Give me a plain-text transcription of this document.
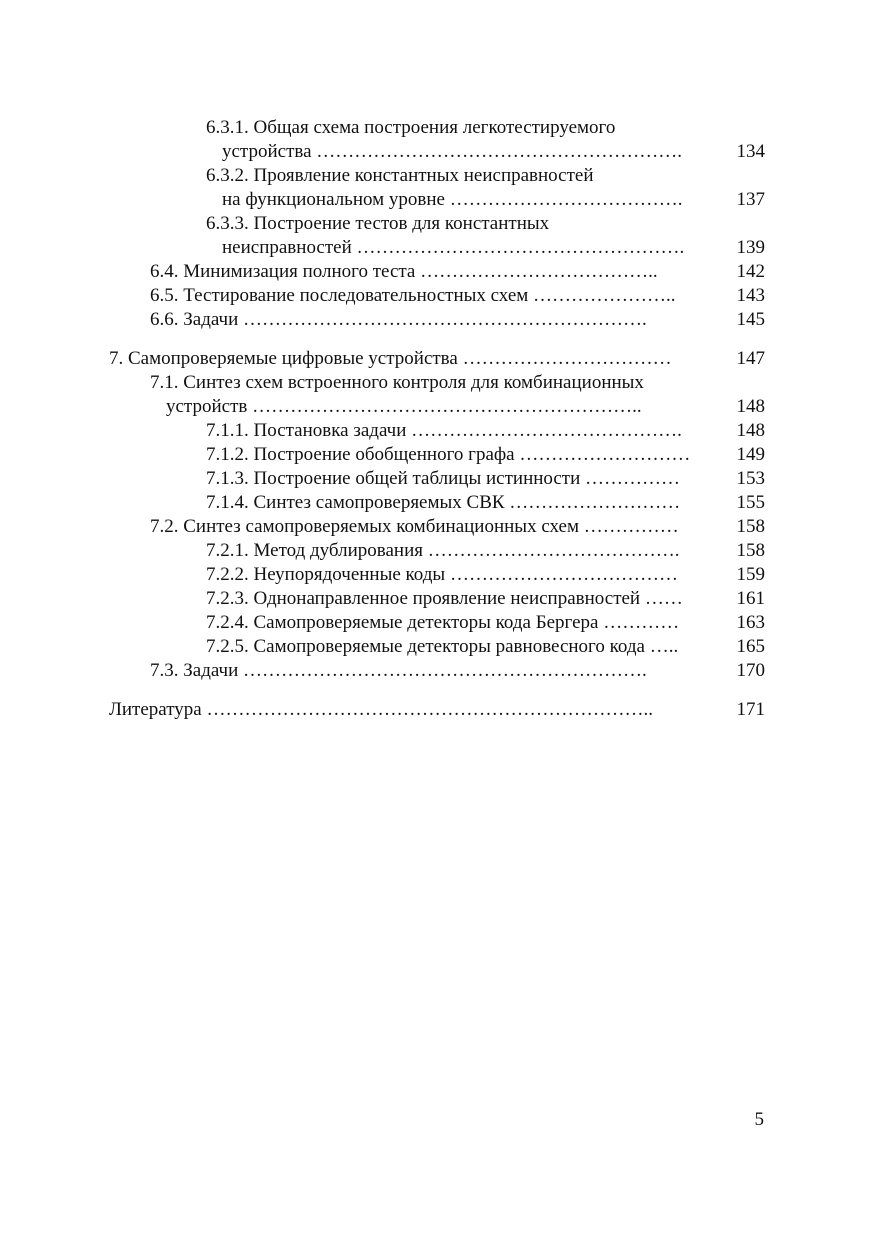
6.3.1. Общая схема построения легкотестируемого
устройства ………………………………………………….	134
6.3.2. Проявление константных неисправностей
на функциональном уровне ……………………………….	137
6.3.3. Построение тестов для константных
неисправностей …………………………………………….	139
6.4. Минимизация полного теста ………………………………..	142
6.5. Тестирование последовательностных схем …………………..	143
6.6. Задачи ……………………………………………………….	145
7. Самопроверяемые цифровые устройства ……………………………	147
7.1. Синтез схем встроенного контроля для комбинационных
устройств ……………………………………………………..	148
7.1.1. Постановка задачи …………………………………….	148
7.1.2. Построение обобщенного графа ……………………… 149
7.1.3. Построение общей таблицы истинности ……………	153
7.1.4. Синтез самопроверяемых СВК ………………………	155
7.2. Синтез самопроверяемых комбинационных схем ……………	158
7.2.1. Метод дублирования ………………………………….	158
7.2.2. Неупорядоченные коды ………………………………	159
7.2.3. Однонаправленное проявление неисправностей ……	161
7.2.4. Самопроверяемые детекторы кода Бергера …………	163
7.2.5. Самопроверяемые детекторы равновесного кода …..	165
7.3. Задачи ……………………………………………………….	170
Литература ……………………………………………………………..	171
5
